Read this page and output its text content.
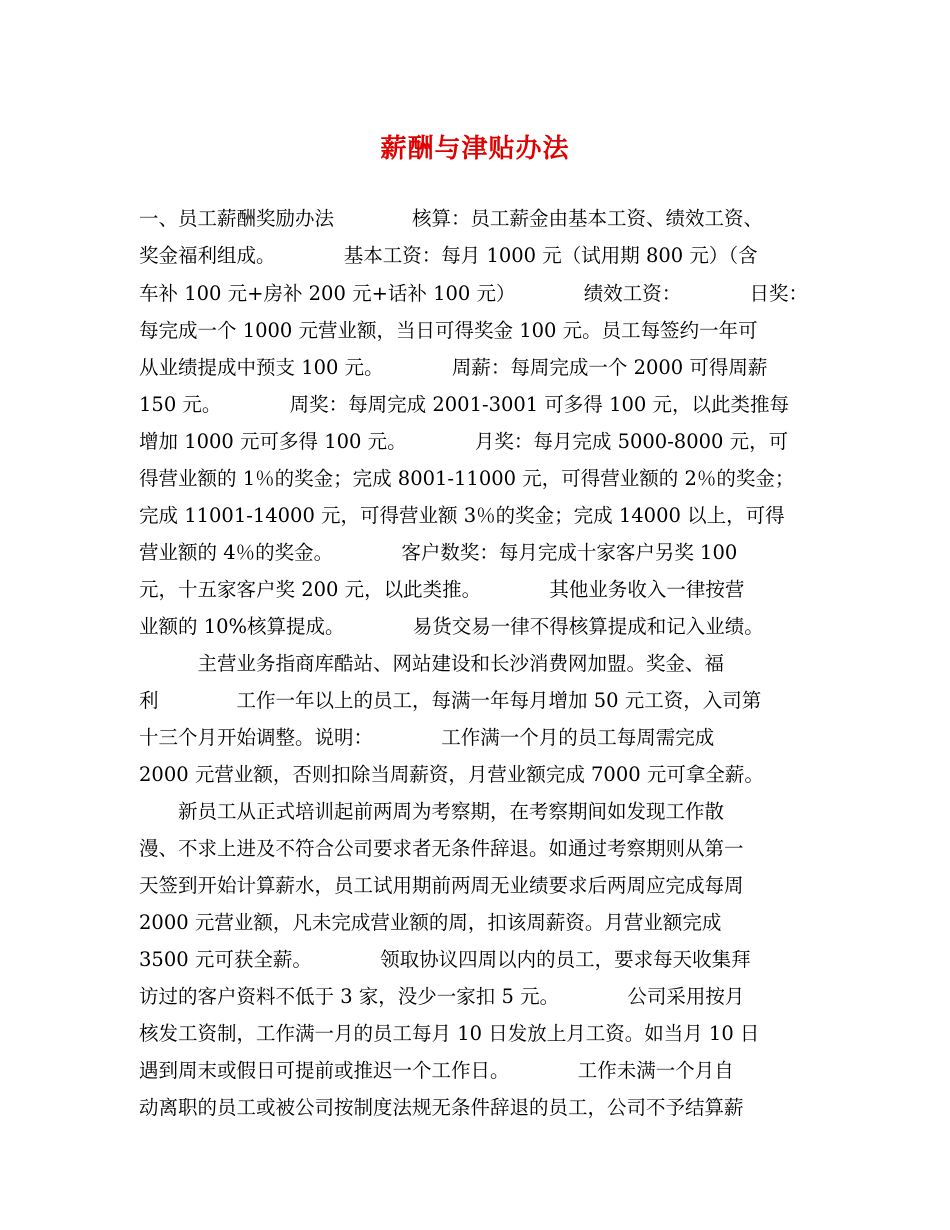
薪酬与津贴办法
一、员工薪酬奖励办法　　　　核算：员工薪金由基本工资、绩效工资、
奖金福利组成。　　　　基本工资：每月 1000 元（试用期 800 元）（含
车补 100 元+房补 200 元+话补 100 元）　　　　绩效工资：　　　　日奖：
每完成一个 1000 元营业额，当日可得奖金 100 元。员工每签约一年可
从业绩提成中预支 100 元。　　　　周薪：每周完成一个 2000 可得周薪
150 元。　　　　周奖：每周完成 2001-3001 可多得 100 元，以此类推每
增加 1000 元可多得 100 元。　　　　月奖：每月完成 5000-8000 元，可
得营业额的 1％的奖金；完成 8001-11000 元，可得营业额的 2％的奖金；
完成 11001-14000 元，可得营业额 3％的奖金；完成 14000 以上，可得
营业额的 4％的奖金。　　　　客户数奖：每月完成十家客户另奖 100
元，十五家客户奖 200 元，以此类推。　　　　其他业务收入一律按营
业额的 10%核算提成。　　　　易货交易一律不得核算提成和记入业绩。
　　　主营业务指商库酷站、网站建设和长沙消费网加盟。奖金、福
利　　　　工作一年以上的员工，每满一年每月增加 50 元工资，入司第
十三个月开始调整。说明：　　　　工作满一个月的员工每周需完成
2000 元营业额，否则扣除当周薪资，月营业额完成 7000 元可拿全薪。
　　新员工从正式培训起前两周为考察期，在考察期间如发现工作散
漫、不求上进及不符合公司要求者无条件辞退。如通过考察期则从第一
天签到开始计算薪水，员工试用期前两周无业绩要求后两周应完成每周
2000 元营业额，凡未完成营业额的周，扣该周薪资。月营业额完成
3500 元可获全薪。　　　　领取协议四周以内的员工，要求每天收集拜
访过的客户资料不低于 3 家，没少一家扣 5 元。　　　　公司采用按月
核发工资制，工作满一月的员工每月 10 日发放上月工资。如当月 10 日
遇到周末或假日可提前或推迟一个工作日。　　　　工作未满一个月自
动离职的员工或被公司按制度法规无条件辞退的员工，公司不予结算薪
